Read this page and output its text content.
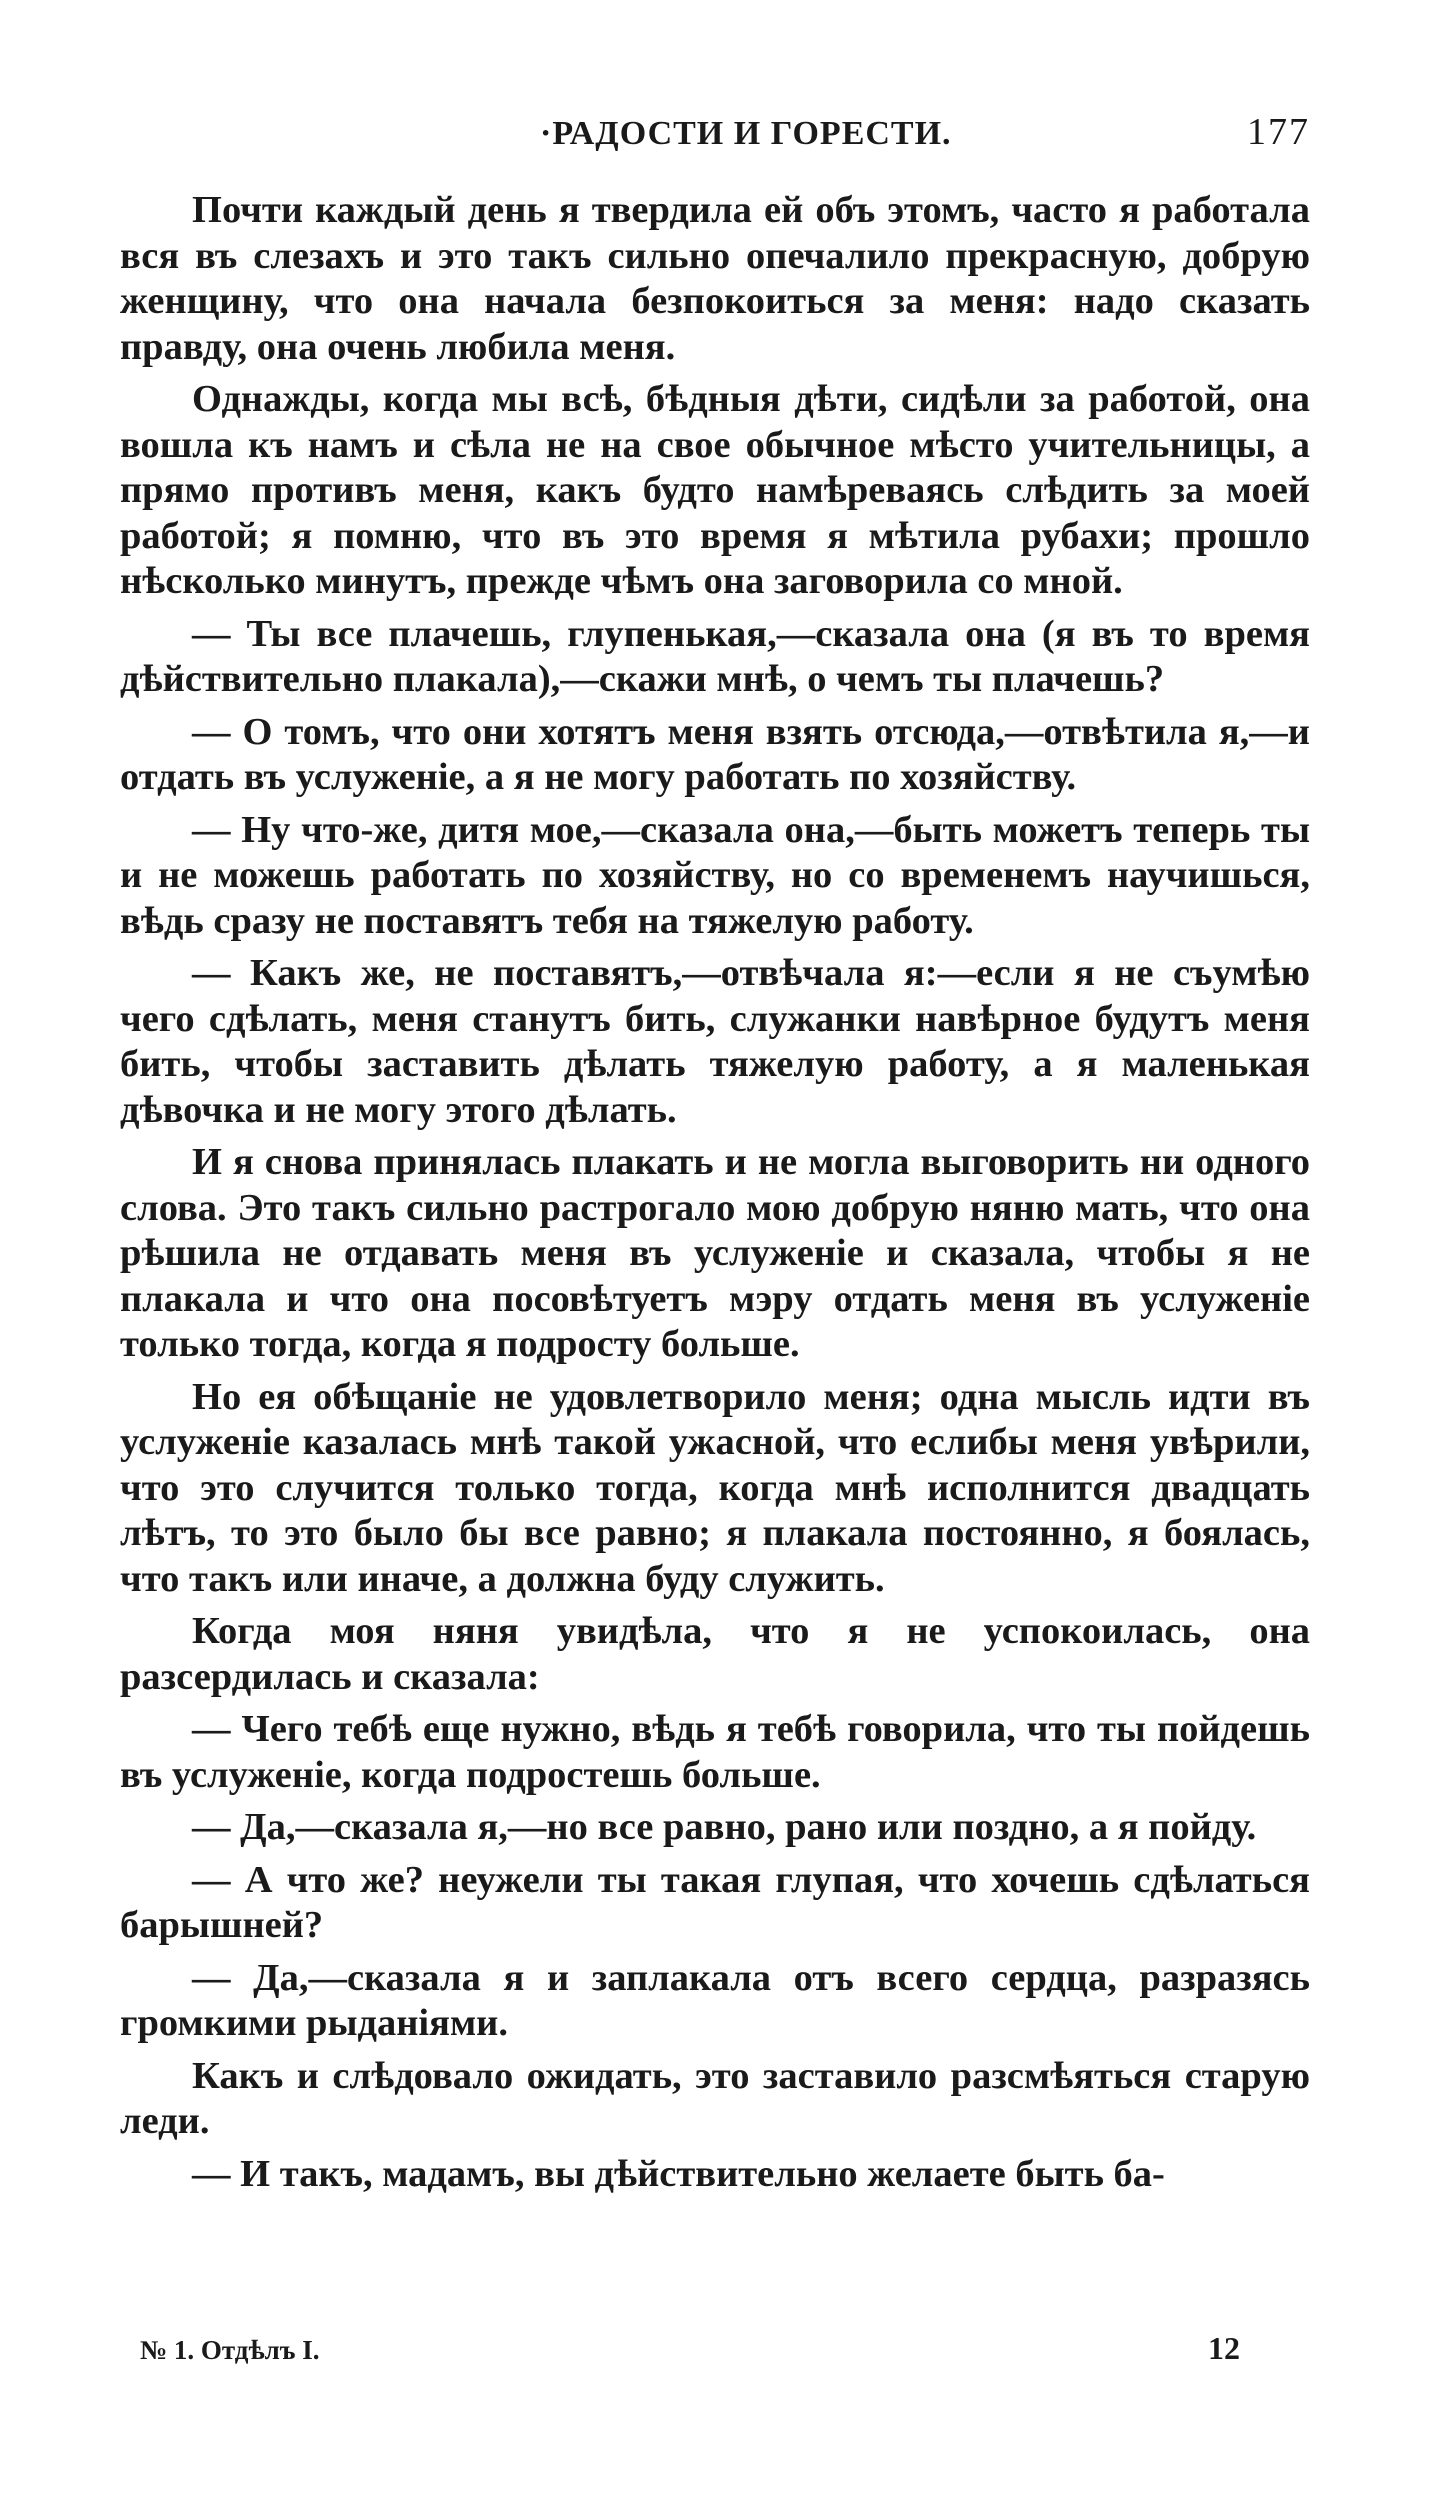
·РАДОСТИ И ГОРЕСТИ.	177

Почти каждый день я твердила ей объ этомъ, часто я работала вся въ слезахъ и это такъ сильно опечалило прекрасную, добрую женщину, что она начала безпокоиться за меня: надо сказать правду, она очень любила меня.

Однажды, когда мы всѣ, бѣдныя дѣти, сидѣли за работой, она вошла къ намъ и сѣла не на свое обычное мѣсто учительницы, а прямо противъ меня, какъ будто намѣреваясь слѣдить за моей работой; я помню, что въ это время я мѣтила рубахи; прошло нѣсколько минутъ, прежде чѣмъ она заговорила со мной.

— Ты все плачешь, глупенькая,—сказала она (я въ то время дѣйствительно плакала),—скажи мнѣ, о чемъ ты плачешь?

— О томъ, что они хотятъ меня взять отсюда,—отвѣтила я,—и отдать въ услуженіе, а я не могу работать по хозяйству.

— Ну что-же, дитя мое,—сказала она,—быть можетъ теперь ты и не можешь работать по хозяйству, но со временемъ научишься, вѣдь сразу не поставятъ тебя на тяжелую работу.

— Какъ же, не поставятъ,—отвѣчала я:—если я не съумѣю чего сдѣлать, меня станутъ бить, служанки навѣрное будутъ меня бить, чтобы заставить дѣлать тяжелую работу, а я маленькая дѣвочка и не могу этого дѣлать.

И я снова принялась плакать и не могла выговорить ни одного слова. Это такъ сильно растрогало мою добрую няню мать, что она рѣшила не отдавать меня въ услуженіе и сказала, чтобы я не плакала и что она посовѣтуетъ мэру отдать меня въ услуженіе только тогда, когда я подросту больше.

Но ея обѣщаніе не удовлетворило меня; одна мысль идти въ услуженіе казалась мнѣ такой ужасной, что еслибы меня увѣрили, что это случится только тогда, когда мнѣ исполнится двадцать лѣтъ, то это было бы все равно; я плакала постоянно, я боялась, что такъ или иначе, а должна буду служить.

Когда моя няня увидѣла, что я не успокоилась, она разсердилась и сказала:

— Чего тебѣ еще нужно, вѣдь я тебѣ говорила, что ты пойдешь въ услуженіе, когда подростешь больше.

— Да,—сказала я,—но все равно, рано или поздно, а я пойду.

— А что же? неужели ты такая глупая, что хочешь сдѣлаться барышней?

— Да,—сказала я и заплакала отъ всего сердца, разразясь громкими рыданіями.

Какъ и слѣдовало ожидать, это заставило разсмѣяться старую леди.

— И такъ, мадамъ, вы дѣйствительно желаете быть ба-

№ 1. Отдѣлъ I.	12
